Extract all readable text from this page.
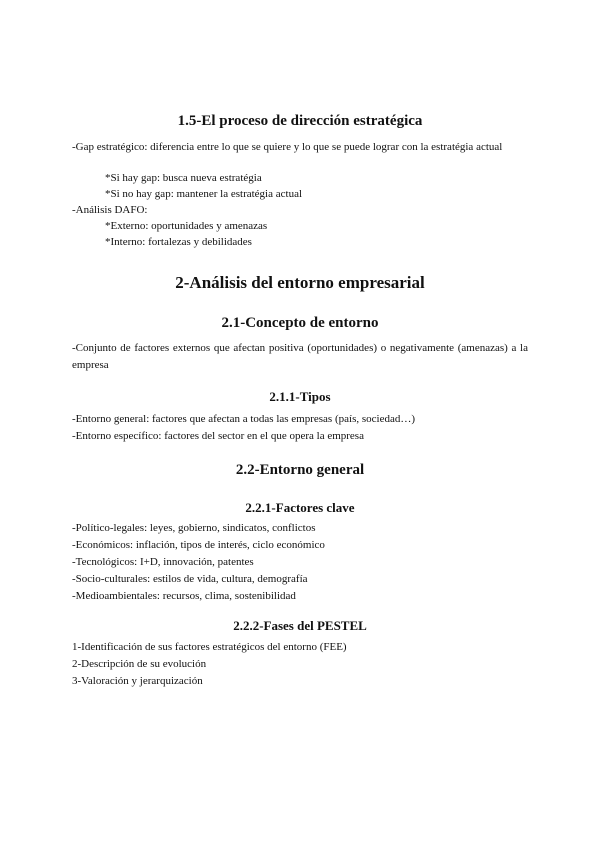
1.5-El proceso de dirección estratégica

-Gap estratégico: diferencia entre lo que se quiere y lo que se puede lograr con la estratégia actual

*Si hay gap: busca nueva estratégia

*Si no hay gap: mantener la estratégia actual

-Análisis DAFO:

*Externo: oportunidades y amenazas

*Interno: fortalezas y debilidades

2-Análisis del entorno empresarial
2.1-Concepto de entorno

-Conjunto de factores externos que afectan positiva (oportunidades) o negativamente (amenazas) a la empresa

2.1.1-Tipos

-Entorno general: factores que afectan a todas las empresas (país, sociedad…)

-Entorno específico: factores del sector en el que opera la empresa

2.2-Entorno general
2.2.1-Factores clave

-Político-legales: leyes, gobierno, sindicatos, conflictos

-Económicos: inflación, tipos de interés, ciclo económico

-Tecnológicos: I+D, innovación, patentes

-Socio-culturales: estilos de vida, cultura, demografía

-Medioambientales: recursos, clima, sostenibilidad

2.2.2-Fases del PESTEL

1-Identificación de sus factores estratégicos del entorno (FEE)

2-Descripción de su evolución

3-Valoración y jerarquización
